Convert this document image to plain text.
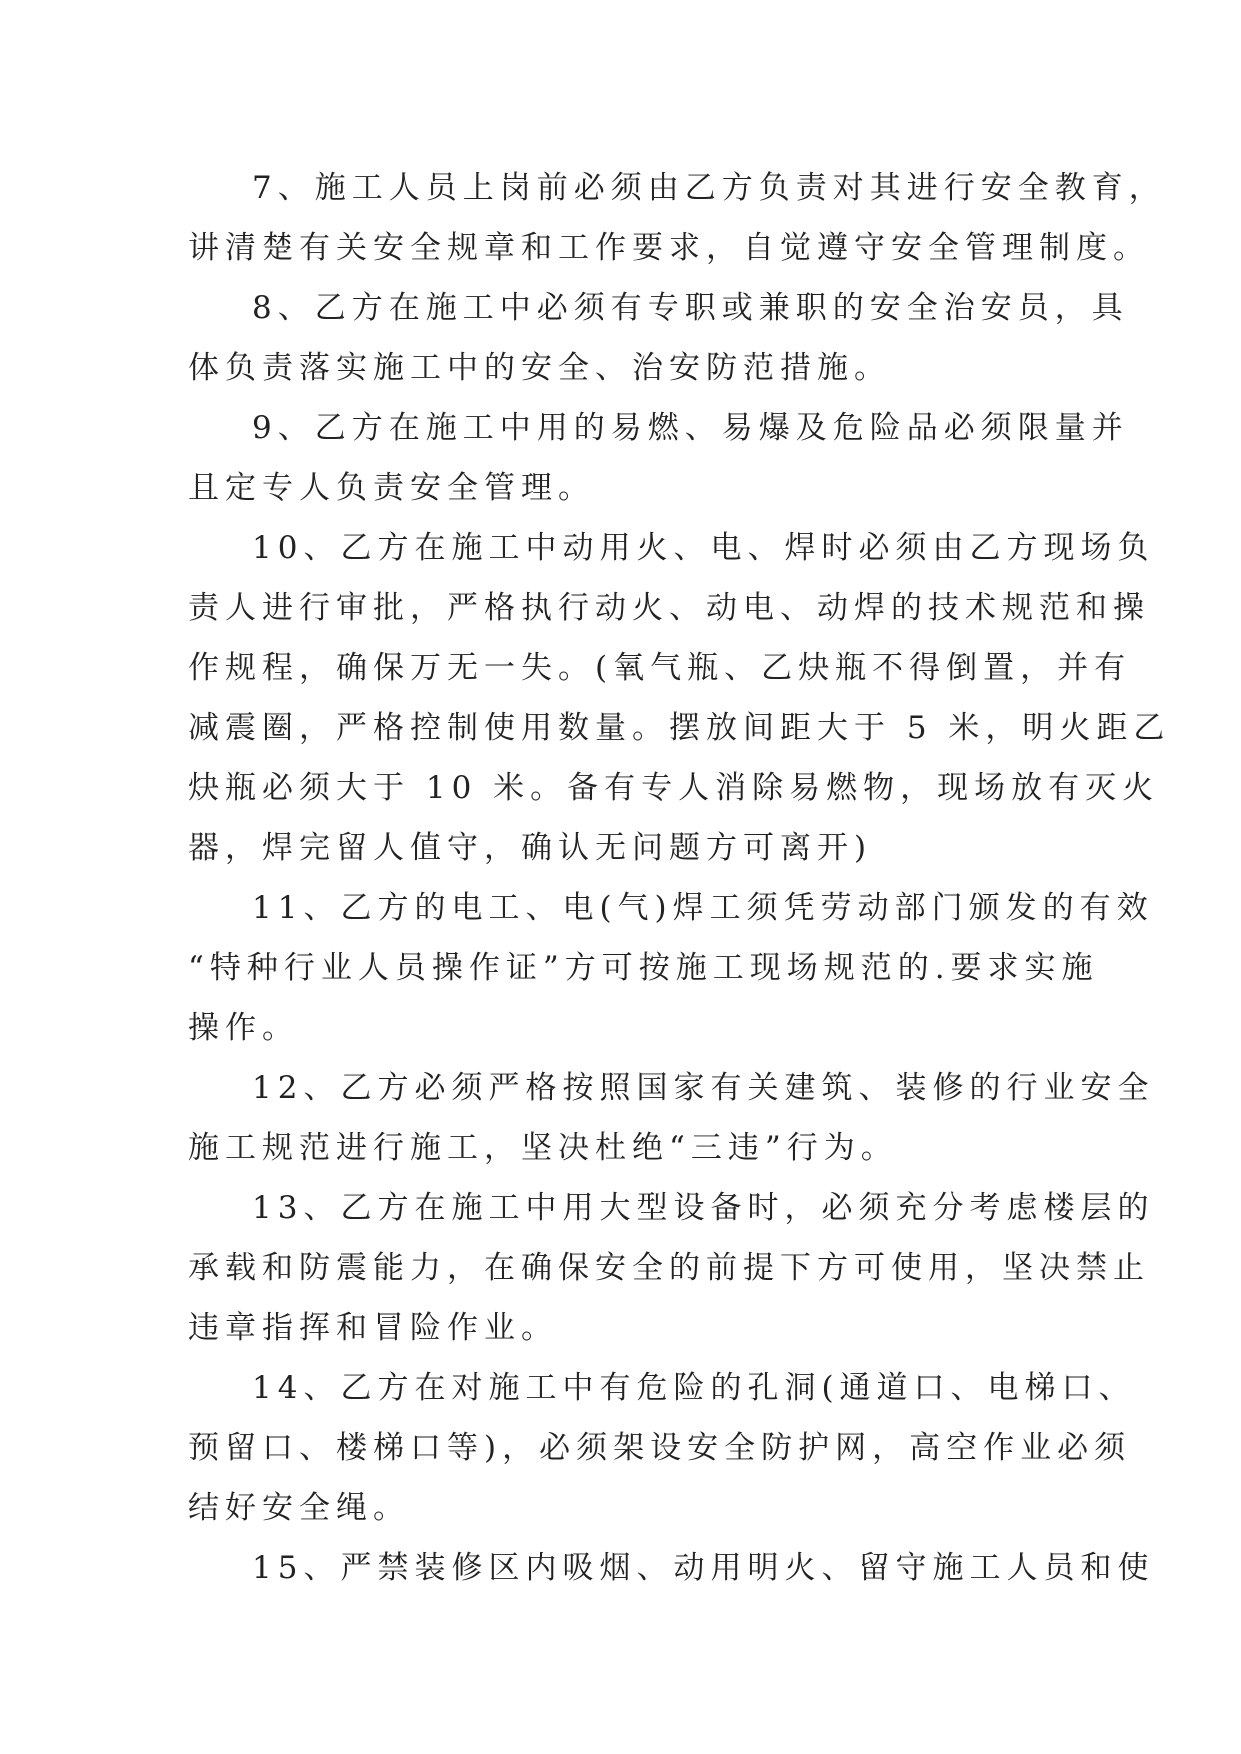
7、施工人员上岗前必须由乙方负责对其进行安全教育，
讲清楚有关安全规章和工作要求，自觉遵守安全管理制度。
8、乙方在施工中必须有专职或兼职的安全治安员，具
体负责落实施工中的安全、治安防范措施。
9、乙方在施工中用的易燃、易爆及危险品必须限量并
且定专人负责安全管理。
10、乙方在施工中动用火、电、焊时必须由乙方现场负
责人进行审批，严格执行动火、动电、动焊的技术规范和操
作规程，确保万无一失。(氧气瓶、乙炔瓶不得倒置，并有
减震圈，严格控制使用数量。摆放间距大于 5 米，明火距乙
炔瓶必须大于 10 米。备有专人消除易燃物，现场放有灭火
器，焊完留人值守，确认无问题方可离开)
11、乙方的电工、电(气)焊工须凭劳动部门颁发的有效
“特种行业人员操作证”方可按施工现场规范的.要求实施
操作。
12、乙方必须严格按照国家有关建筑、装修的行业安全
施工规范进行施工，坚决杜绝“三违”行为。
13、乙方在施工中用大型设备时，必须充分考虑楼层的
承载和防震能力，在确保安全的前提下方可使用，坚决禁止
违章指挥和冒险作业。
14、乙方在对施工中有危险的孔洞(通道口、电梯口、
预留口、楼梯口等)，必须架设安全防护网，高空作业必须
结好安全绳。
15、严禁装修区内吸烟、动用明火、留守施工人员和使
